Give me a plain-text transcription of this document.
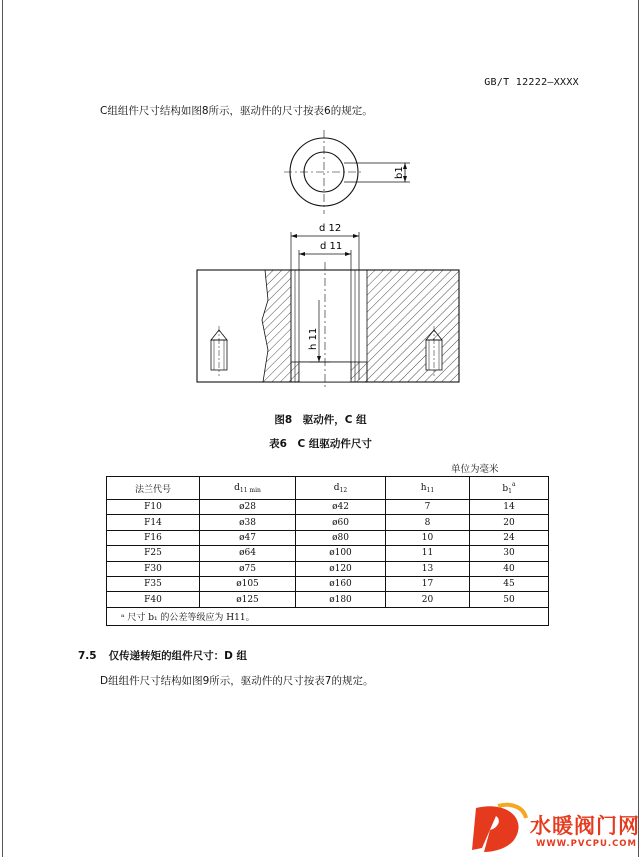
GB/T 12222—XXXX
C组组件尺寸结构如图8所示，驱动件的尺寸按表6的规定。
b1
d 12
d 11
h 11
图8　驱动件，C 组
表6　C 组驱动件尺寸
单位为毫米
法兰代号	$d_{11 min}$	$d_{12}$	$h_{11}$	$b_1^a$
F10	ø28	ø42	7	14
F14	ø38	ø60	8	20
F16	ø47	ø80	10	24
F25	ø64	ø100	11	30
F30	ø75	ø120	13	40
F35	ø105	ø160	17	45
F40	ø125	ø180	20	50
ᵃ 尺寸 b₁ 的公差等级应为 H11。				
7.5 仅传递转矩的组件尺寸：D 组
D组组件尺寸结构如图9所示，驱动件的尺寸按表7的规定。
水暖阀门网
WWW.PVCPU.COM
